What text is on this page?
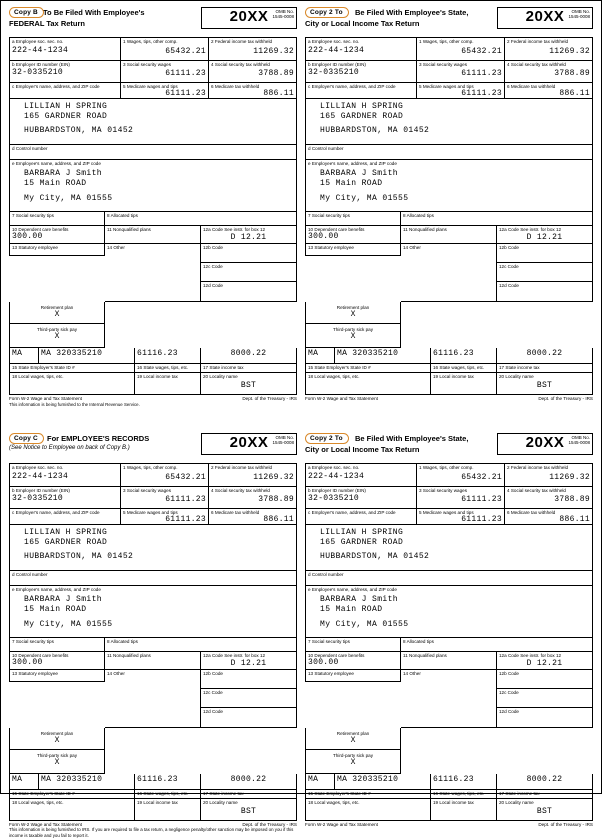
Copy B To Be Filed With Employee's
FEDERAL Tax Return	20XX	OMB No.
1545-0008
a Employee soc. sec. no.
222-44-1234
1 Wages, tips, other comp.
65432.21
2 Federal income tax withheld
11269.32
b Employer ID number (EIN)
32-0335210
3 Social security wages
61111.23
4 Social security tax withheld
3788.89
c Employer's name, address, and ZIP code	5 Medicare wages and tips
61111.23
6 Medicare tax withheld
886.11
LILLIAN H SPRING
165 GARDNER ROAD
HUBBARDSTON, MA 01452
d Control number
e Employee's name, address, and ZIP code
BARBARA J Smith
15 Main ROAD
My City, MA 01555
7 Social security tips	8 Allocated tips
10 Dependent care benefits
300.00
11 Nonqualified plans	12a Code See instr. for box 12
D 12.21
13 Statutory employee	14 Other
Retirement plan
X
Third-party sick pay
X
12b Code
12c Code
12d Code
MA	MA 320335210	61116.23	8000.22
15 State Employer's State ID #	16 State wages, tips, etc.	17 State income tax
18 Local wages, tips, etc.	19 Local income tax	20 Locality name
BST
Form W-2 Wage and Tax Statement	Dept. of the Treasury - IRS
This information is being furnished to the Internal Revenue Service.
Copy 2 To Be Filed With Employee's State,
City or Local Income Tax Return	20XX	OMB No.
1545-0008
a Employee soc. sec. no.
222-44-1234
1 Wages, tips, other comp.
65432.21
2 Federal income tax withheld
11269.32
b Employer ID number (EIN)
32-0335210
3 Social security wages
61111.23
4 Social security tax withheld
3788.89
c Employer's name, address, and ZIP code	5 Medicare wages and tips
61111.23
6 Medicare tax withheld
886.11
LILLIAN H SPRING
165 GARDNER ROAD
HUBBARDSTON, MA 01452
d Control number
e Employee's name, address, and ZIP code
BARBARA J Smith
15 Main ROAD
My City, MA 01555
7 Social security tips	8 Allocated tips
10 Dependent care benefits
300.00
11 Nonqualified plans	12a Code See instr. for box 12
D 12.21
13 Statutory employee	14 Other
Retirement plan
X
Third-party sick pay
X
12b Code
12c Code
12d Code
MA	MA 320335210	61116.23	8000.22
15 State Employer's State ID #	16 State wages, tips, etc.	17 State income tax
18 Local wages, tips, etc.	19 Local income tax	20 Locality name
BST
Form W-2 Wage and Tax Statement	Dept. of the Treasury - IRS
Copy C For EMPLOYEE'S RECORDS
(See Notice to Employee on back of Copy B.)	20XX	OMB No.
1545-0008
a Employee soc. sec. no.
222-44-1234
1 Wages, tips, other comp.
65432.21
2 Federal income tax withheld
11269.32
b Employer ID number (EIN)
32-0335210
3 Social security wages
61111.23
4 Social security tax withheld
3788.89
c Employer's name, address, and ZIP code	5 Medicare wages and tips
61111.23
6 Medicare tax withheld
886.11
LILLIAN H SPRING
165 GARDNER ROAD
HUBBARDSTON, MA 01452
d Control number
e Employee's name, address, and ZIP code
BARBARA J Smith
15 Main ROAD
My City, MA 01555
7 Social security tips	8 Allocated tips
10 Dependent care benefits
300.00
11 Nonqualified plans	12a Code See instr. for box 12
D 12.21
13 Statutory employee	14 Other
Retirement plan
X
Third-party sick pay
X
12b Code
12c Code
12d Code
MA	MA 320335210	61116.23	8000.22
15 State Employer's State ID #	16 State wages, tips, etc.	17 State income tax
18 Local wages, tips, etc.	19 Local income tax	20 Locality name
BST
Form W-2 Wage and Tax Statement	Dept. of the Treasury - IRS
This information is being furnished to IRS. If you are required to file a tax return, a negligence penalty/other sanction may be imposed on you if this income is taxable and you fail to report it.
Copy 2 To Be Filed With Employee's State,
City or Local Income Tax Return	20XX	OMB No.
1545-0008
a Employee soc. sec. no.
222-44-1234
1 Wages, tips, other comp.
65432.21
2 Federal income tax withheld
11269.32
b Employer ID number (EIN)
32-0335210
3 Social security wages
61111.23
4 Social security tax withheld
3788.89
c Employer's name, address, and ZIP code	5 Medicare wages and tips
61111.23
6 Medicare tax withheld
886.11
LILLIAN H SPRING
165 GARDNER ROAD
HUBBARDSTON, MA 01452
d Control number
e Employee's name, address, and ZIP code
BARBARA J Smith
15 Main ROAD
My City, MA 01555
7 Social security tips	8 Allocated tips
10 Dependent care benefits
300.00
11 Nonqualified plans	12a Code See instr. for box 12
D 12.21
13 Statutory employee	14 Other
Retirement plan
X
Third-party sick pay
X
12b Code
12c Code
12d Code
MA	MA 320335210	61116.23	8000.22
15 State Employer's State ID #	16 State wages, tips, etc.	17 State income tax
18 Local wages, tips, etc.	19 Local income tax	20 Locality name
BST
Form W-2 Wage and Tax Statement	Dept. of the Treasury - IRS
